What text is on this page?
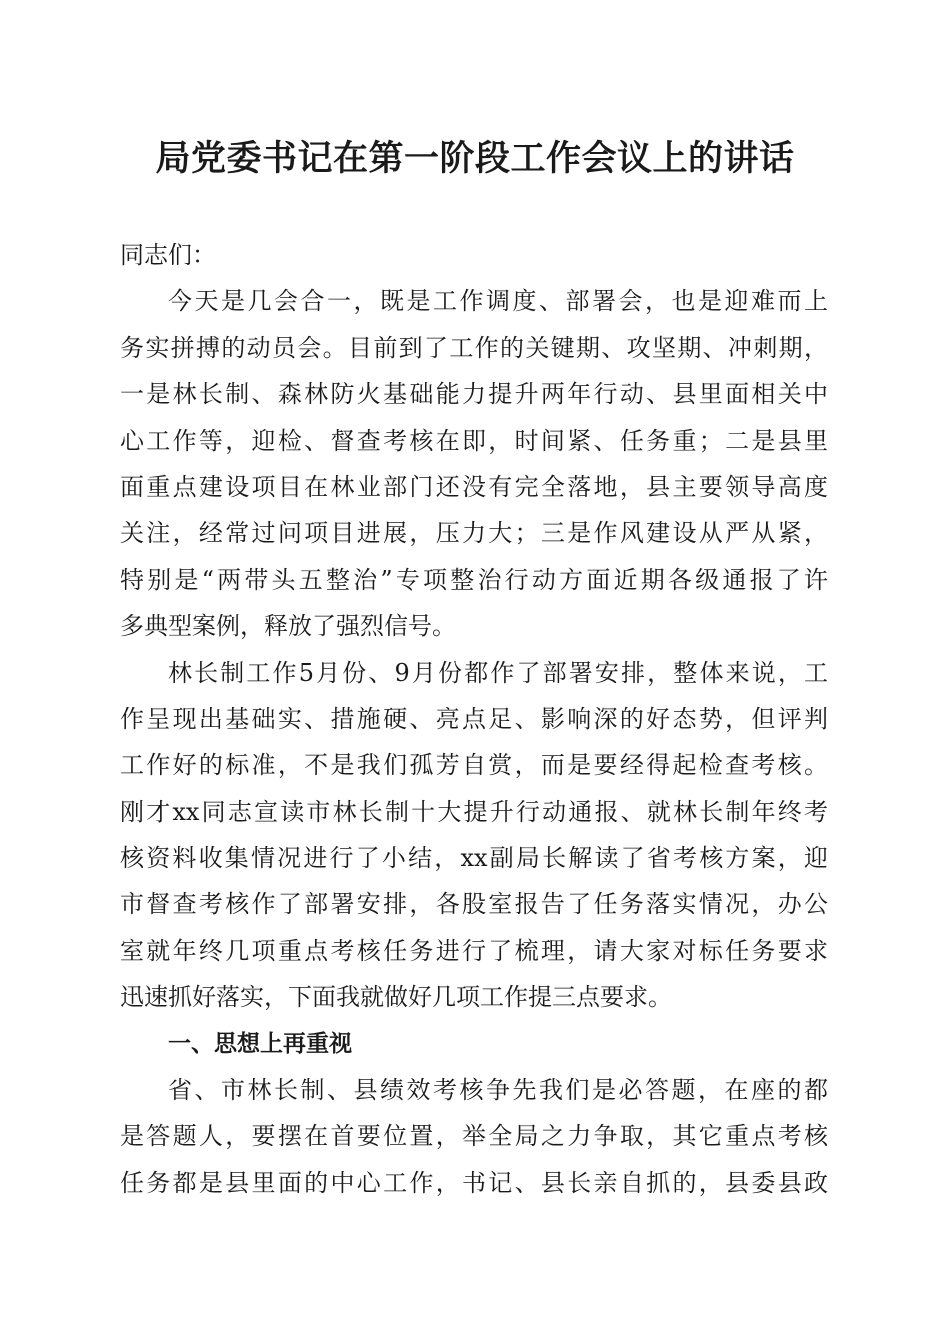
局党委书记在第一阶段工作会议上的讲话
同志们：
今天是几会合一，既是工作调度、部署会，也是迎难而上
务实拼搏的动员会。目前到了工作的关键期、攻坚期、冲刺期，
一是林长制、森林防火基础能力提升两年行动、县里面相关中
心工作等，迎检、督查考核在即，时间紧、任务重；二是县里
面重点建设项目在林业部门还没有完全落地，县主要领导高度
关注，经常过问项目进展，压力大；三是作风建设从严从紧，
特别是“两带头五整治”专项整治行动方面近期各级通报了许
多典型案例，释放了强烈信号。
林长制工作5月份、9月份都作了部署安排，整体来说，工
作呈现出基础实、措施硬、亮点足、影响深的好态势，但评判
工作好的标准，不是我们孤芳自赏，而是要经得起检查考核。
刚才xx同志宣读市林长制十大提升行动通报、就林长制年终考
核资料收集情况进行了小结，xx副局长解读了省考核方案，迎
市督查考核作了部署安排，各股室报告了任务落实情况，办公
室就年终几项重点考核任务进行了梳理，请大家对标任务要求
迅速抓好落实，下面我就做好几项工作提三点要求。
一、思想上再重视
省、市林长制、县绩效考核争先我们是必答题，在座的都
是答题人，要摆在首要位置，举全局之力争取，其它重点考核
任务都是县里面的中心工作，书记、县长亲自抓的，县委县政
